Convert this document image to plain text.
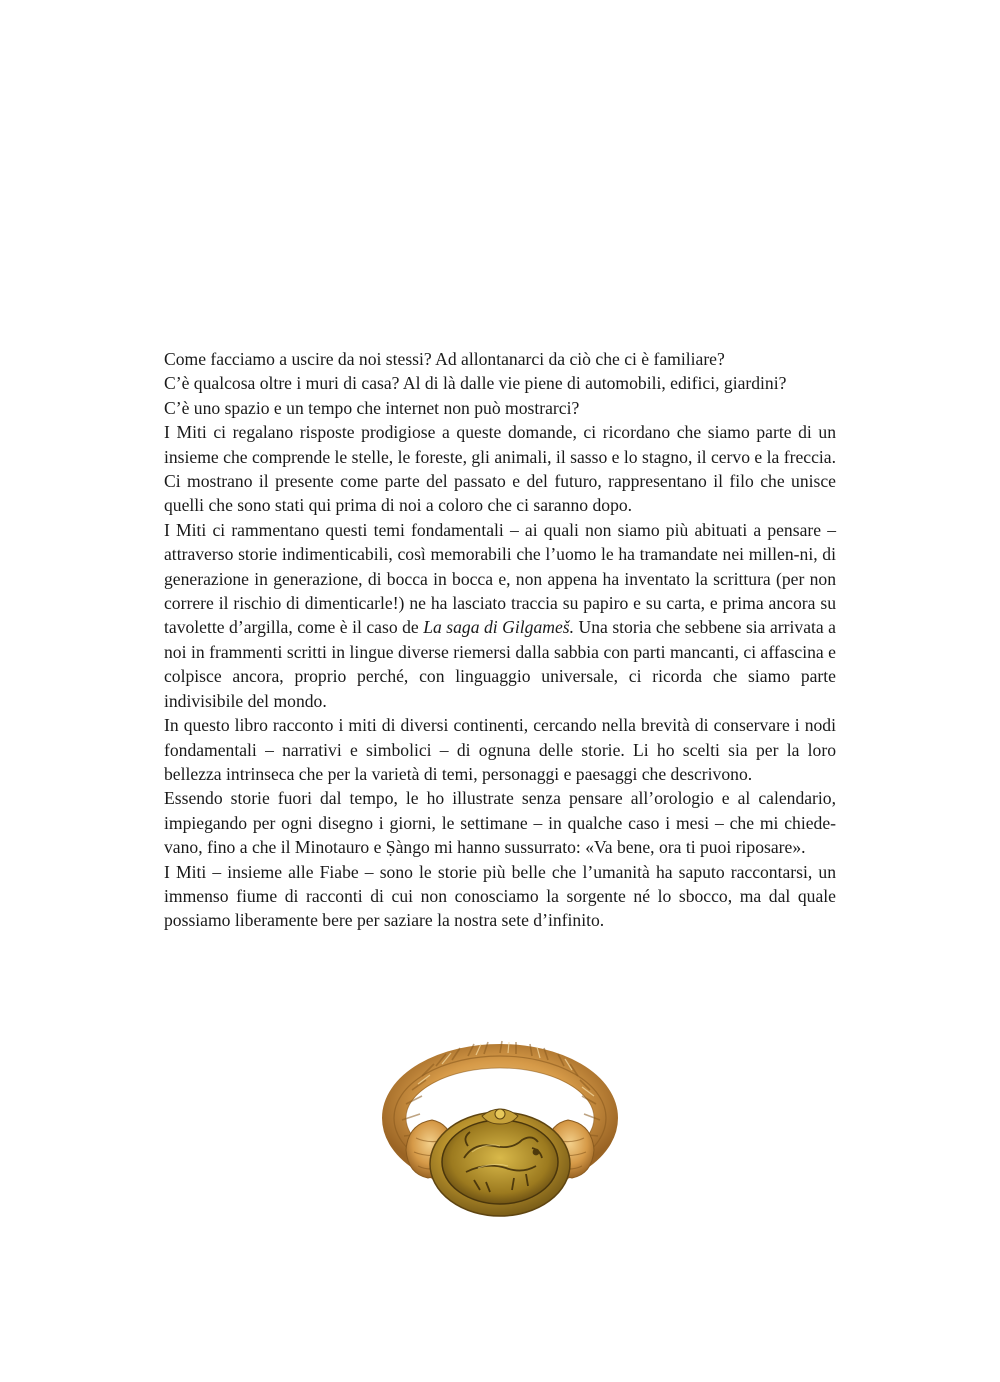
Come facciamo a uscire da noi stessi? Ad allontanarci da ciò che ci è familiare?

C’è qualcosa oltre i muri di casa? Al di là dalle vie piene di automobili, edifici, giardini?

C’è uno spazio e un tempo che internet non può mostrarci?

I Miti ci regalano risposte prodigiose a queste domande, ci ricordano che siamo parte di un insieme che comprende le stelle, le foreste, gli animali, il sasso e lo stagno, il cervo e la freccia. Ci mostrano il presente come parte del passato e del futuro, rappresentano il filo che unisce quelli che sono stati qui prima di noi a coloro che ci saranno dopo.

I Miti ci rammentano questi temi fondamentali – ai quali non siamo più abituati a pensare – attraverso storie indimenticabili, così memorabili che l’uomo le ha tramandate nei millen-ni, di generazione in generazione, di bocca in bocca e, non appena ha inventato la scrittura (per non correre il rischio di dimenticarle!) ne ha lasciato traccia su papiro e su carta, e prima ancora su tavolette d’argilla, come è il caso de La saga di Gilgameš. Una storia che sebbene sia arrivata a noi in frammenti scritti in lingue diverse riemersi dalla sabbia con parti mancanti, ci affascina e colpisce ancora, proprio perché, con linguaggio universale, ci ricorda che siamo parte indivisibile del mondo.

In questo libro racconto i miti di diversi continenti, cercando nella brevità di conservare i nodi fondamentali – narrativi e simbolici – di ognuna delle storie. Li ho scelti sia per la loro bellezza intrinseca che per la varietà di temi, personaggi e paesaggi che descrivono.

Essendo storie fuori dal tempo, le ho illustrate senza pensare all’orologio e al calendario, impiegando per ogni disegno i giorni, le settimane – in qualche caso i mesi – che mi chiede-vano, fino a che il Minotauro e Ṣàngo mi hanno sussurrato: «Va bene, ora ti puoi riposare».

I Miti – insieme alle Fiabe – sono le storie più belle che l’umanità ha saputo raccontarsi, un immenso fiume di racconti di cui non conosciamo la sorgente né lo sbocco, ma dal quale possiamo liberamente bere per saziare la nostra sete d’infinito.
